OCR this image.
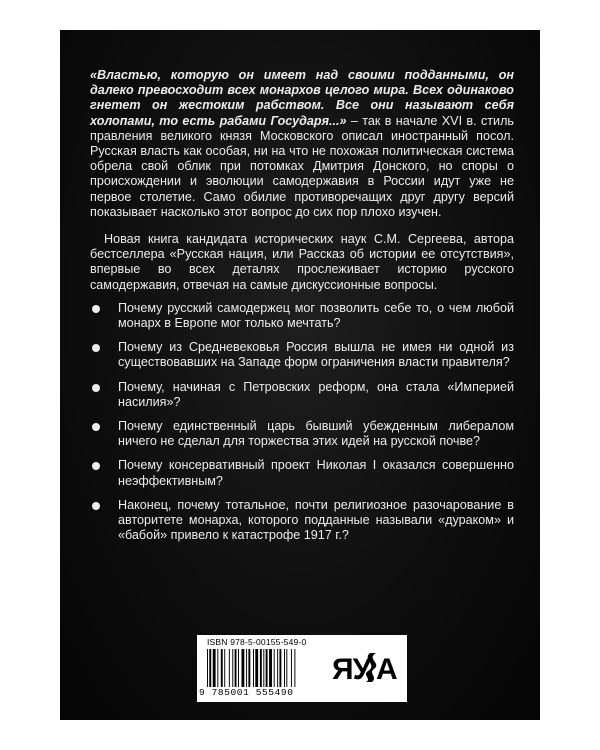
«Властью, которую он имеет над своими подданными, он далеко превосходит всех монархов целого мира. Всех одинаково гнетет он жестоким рабством. Все они называют себя холопами, то есть рабами Государя...» – так в начале XVI в. стиль правления великого князя Московского описал иностранный посол. Русская власть как особая, ни на что не похожая политическая система обрела свой облик при потомках Дмитрия Донского, но споры о происхождении и эволюции самодержавия в России идут уже не первое столетие. Само обилие противоречащих друг другу версий показывает насколько этот вопрос до сих пор плохо изучен.

Новая книга кандидата исторических наук С.М. Сергеева, автора бестселлера «Русская нация, или Рассказ об истории ее отсутствия», впервые во всех деталях прослеживает историю русского самодержавия, отвечая на самые дискуссионные вопросы.

Почему русский самодержец мог позволить себе то, о чем любой монарх в Европе мог только мечтать?
Почему из Средневековья Россия вышла не имея ни одной из существовавших на Западе форм ограничения власти правителя?
Почему, начиная с Петровских реформ, она стала «Империей насилия»?
Почему единственный царь бывший убежденным либералом ничего не сделал для торжества этих идей на русской почве?
Почему консервативный проект Николая I оказался совершенно неэффективным?
Наконец, почему тотальное, почти религиозное разочарование в авторитете монарха, которого подданные называли «дураком» и «бабой» привело к катастрофе 1917 г.?
ISBN 978-5-00155-549-0
9 785001 555490
ЯУ А
